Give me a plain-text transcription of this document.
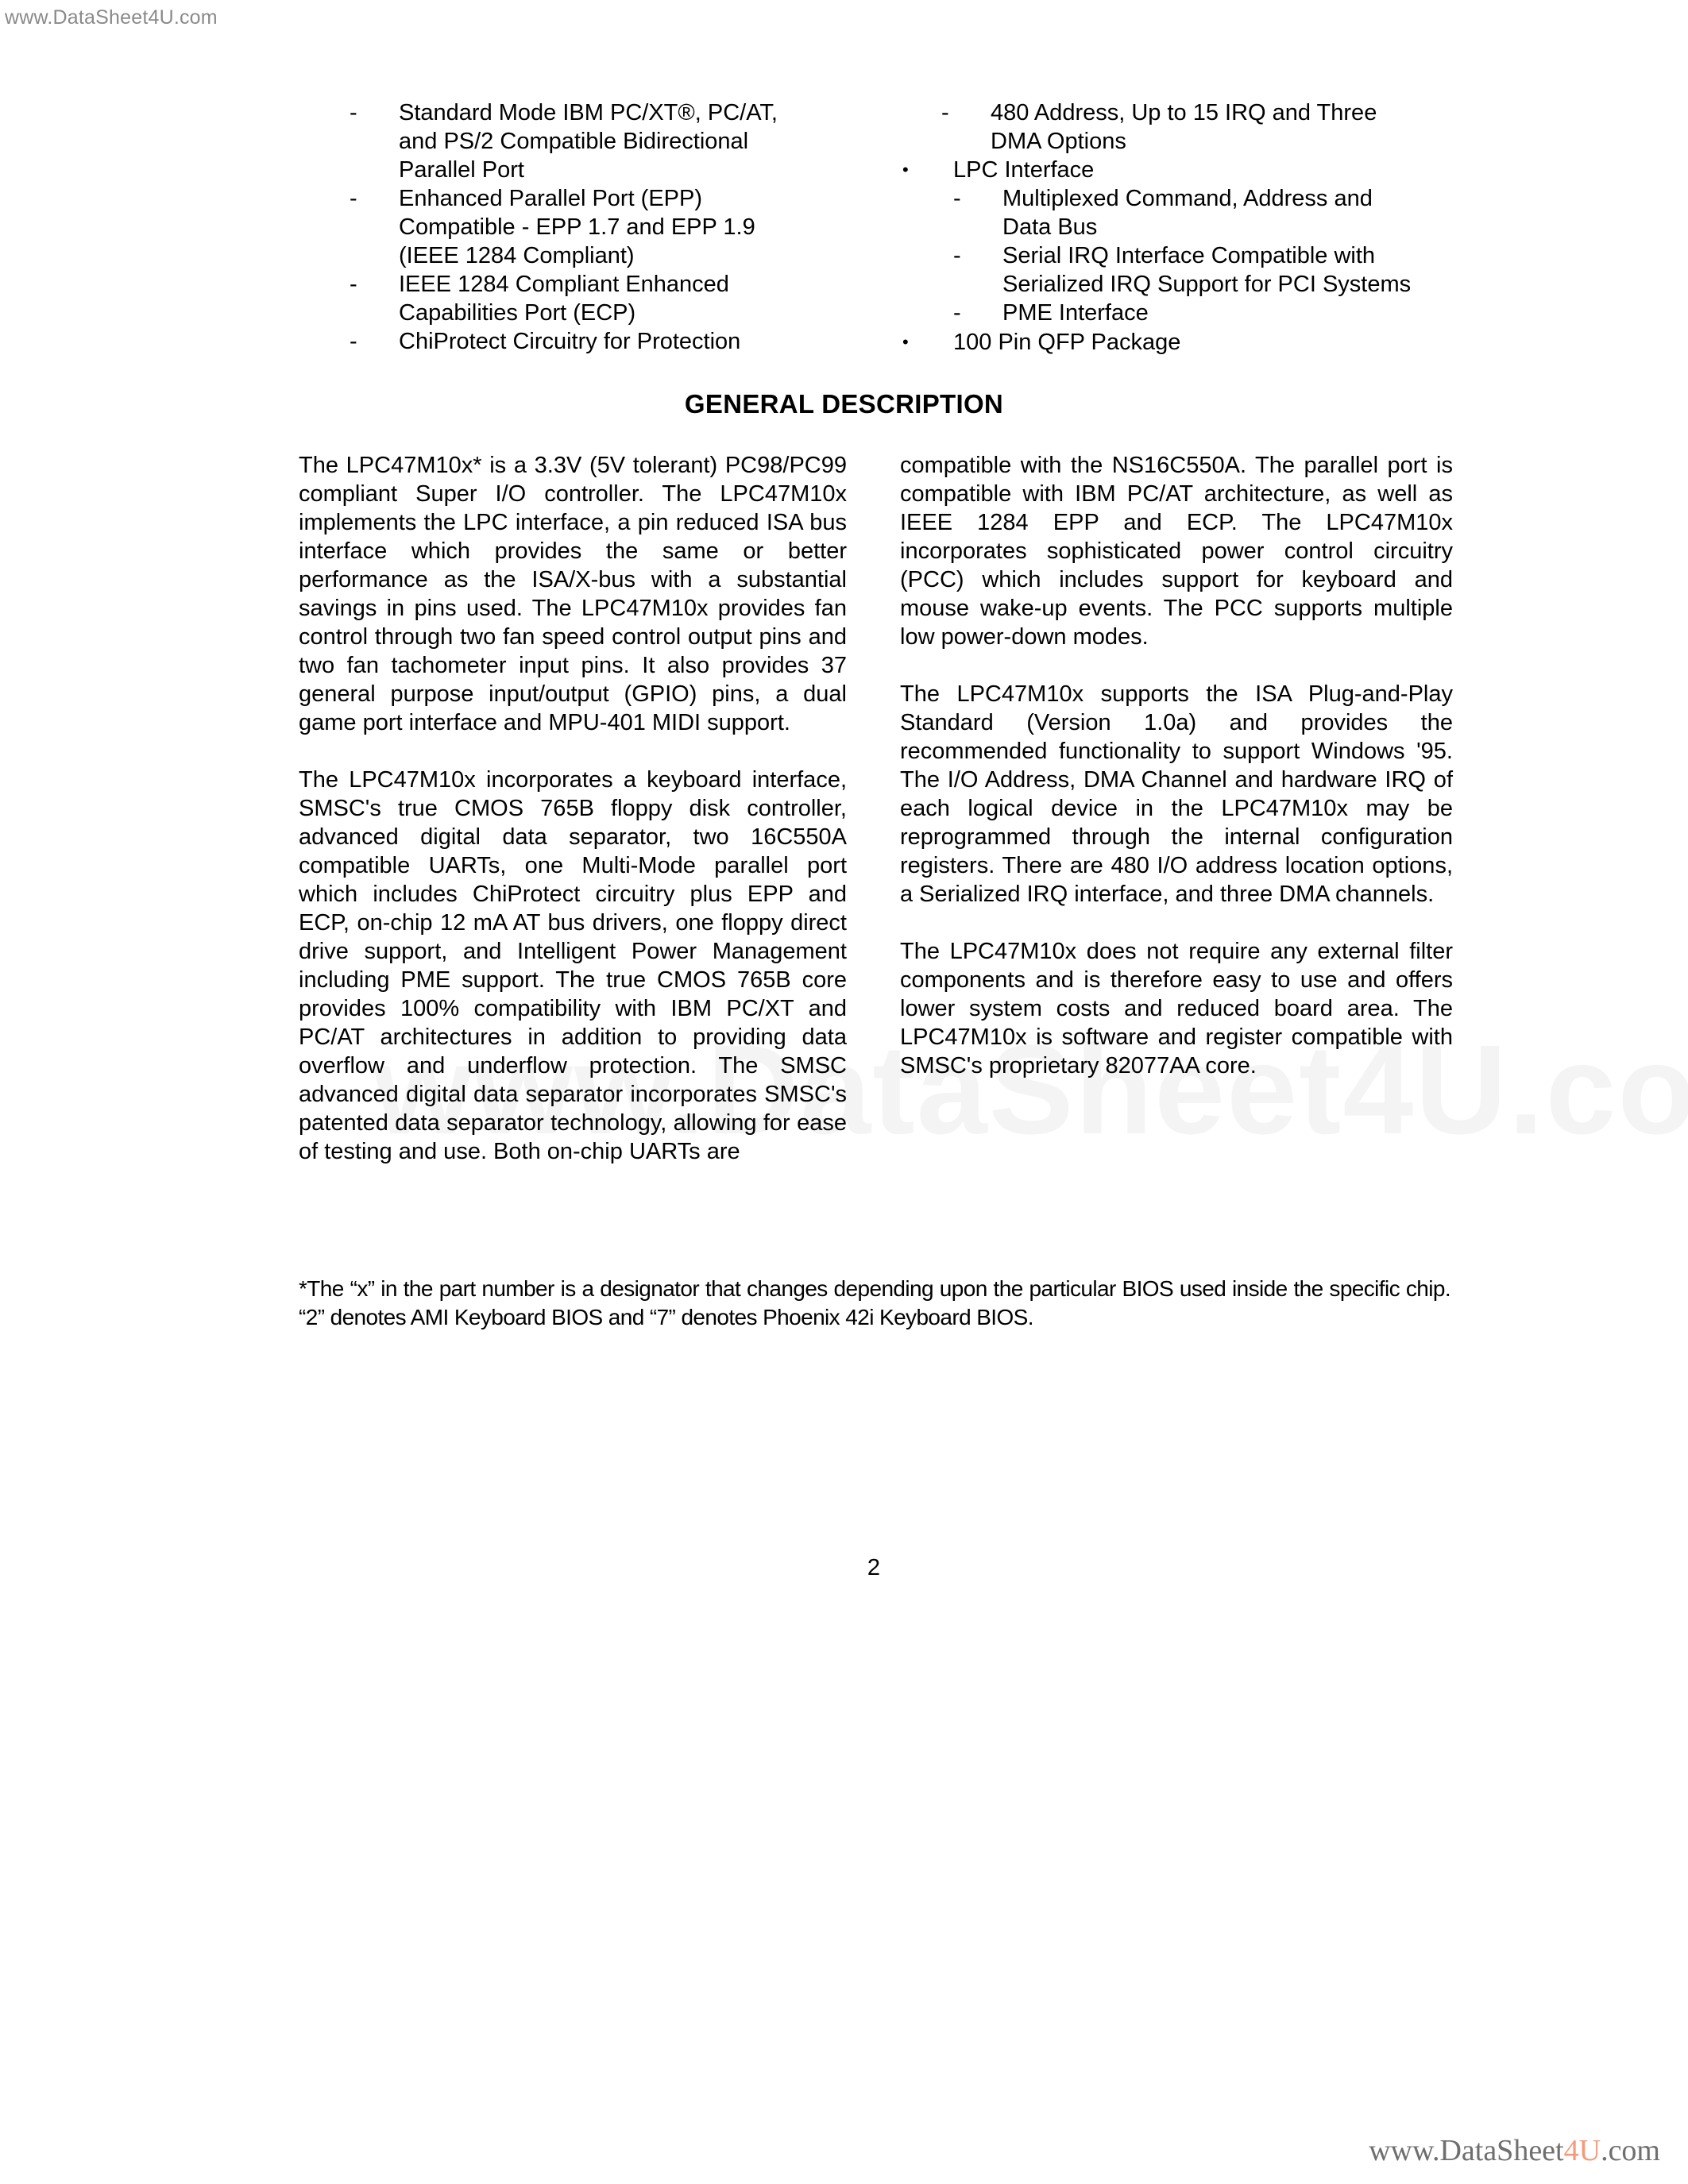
www.DataSheet4U.com
www.DataSheet4U.com
- Standard Mode IBM PC/XT®, PC/AT,
and PS/2 Compatible Bidirectional
Parallel Port
- Enhanced Parallel Port (EPP)
Compatible - EPP 1.7 and EPP 1.9
(IEEE 1284 Compliant)
- IEEE 1284 Compliant Enhanced
Capabilities Port (ECP)
- ChiProtect Circuitry for Protection
- 480 Address, Up to 15 IRQ and Three
DMA Options
• LPC Interface
- Multiplexed Command, Address and
Data Bus
- Serial IRQ Interface Compatible with
Serialized IRQ Support for PCI Systems
- PME Interface
• 100 Pin QFP Package
GENERAL DESCRIPTION

The LPC47M10x* is a 3.3V (5V tolerant) PC98/PC99 compliant Super I/O controller. The LPC47M10x implements the LPC interface, a pin reduced ISA bus interface which provides the same or better performance as the ISA/X-bus with a substantial savings in pins used. The LPC47M10x provides fan control through two fan speed control output pins and two fan tachometer input pins. It also provides 37 general purpose input/output (GPIO) pins, a dual game port interface and MPU-401 MIDI support.

The LPC47M10x incorporates a keyboard interface, SMSC's true CMOS 765B floppy disk controller, advanced digital data separator, two 16C550A compatible UARTs, one Multi-Mode parallel port which includes ChiProtect circuitry plus EPP and ECP, on-chip 12 mA AT bus drivers, one floppy direct drive support, and Intelligent Power Management including PME support. The true CMOS 765B core provides 100% compatibility with IBM PC/XT and PC/AT architectures in addition to providing data overflow and underflow protection. The SMSC advanced digital data separator incorporates SMSC's patented data separator technology, allowing for ease of testing and use. Both on-chip UARTs are

compatible with the NS16C550A. The parallel port is compatible with IBM PC/AT architecture, as well as IEEE 1284 EPP and ECP. The LPC47M10x incorporates sophisticated power control circuitry (PCC) which includes support for keyboard and mouse wake-up events. The PCC supports multiple low power-down modes.

The LPC47M10x supports the ISA Plug-and-Play Standard (Version 1.0a) and provides the recommended functionality to support Windows '95. The I/O Address, DMA Channel and hardware IRQ of each logical device in the LPC47M10x may be reprogrammed through the internal configuration registers. There are 480 I/O address location options, a Serialized IRQ interface, and three DMA channels.

The LPC47M10x does not require any external filter components and is therefore easy to use and offers lower system costs and reduced board area. The LPC47M10x is software and register compatible with SMSC's proprietary 82077AA core.

*The “x” in the part number is a designator that changes depending upon the particular BIOS used inside the specific chip. “2” denotes AMI Keyboard BIOS and “7” denotes Phoenix 42i Keyboard BIOS.
2
